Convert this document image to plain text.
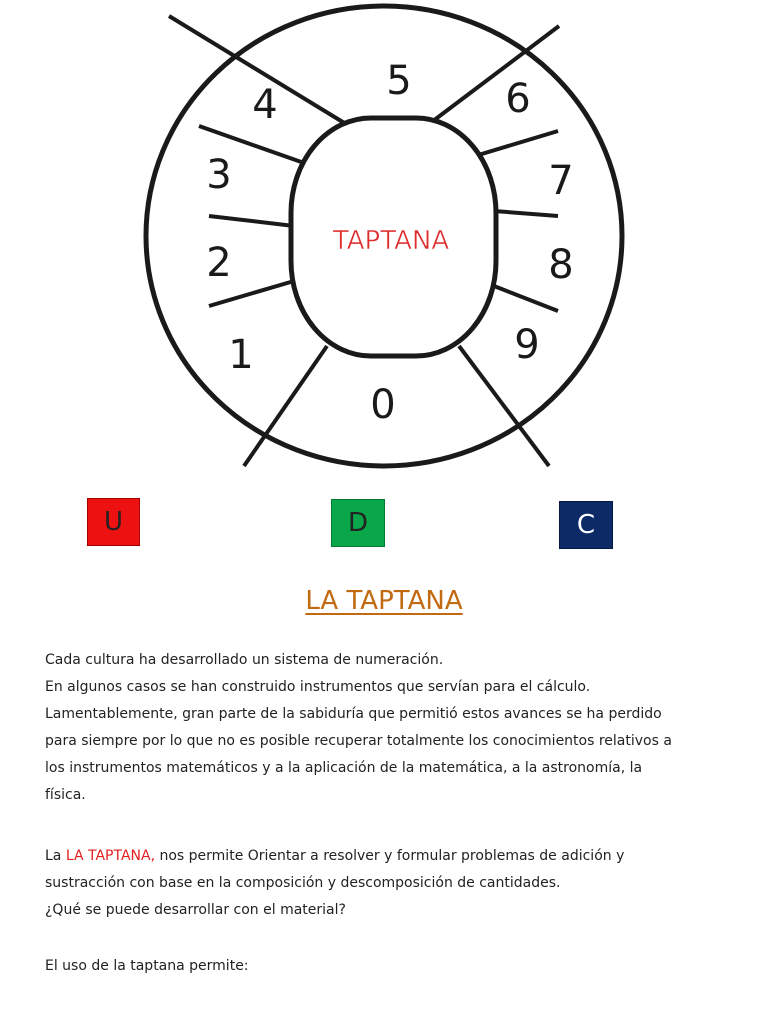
TAPTANA
4
5 6
3	7
2	8
1	9
0
U	D	C
LA TAPTANA

Cada cultura ha desarrollado un sistema de numeración.

En algunos casos se han construido instrumentos que servían para el cálculo.

Lamentablemente, gran parte de la sabiduría que permitió estos avances se ha perdido

para siempre por lo que no es posible recuperar totalmente los conocimientos relativos a

los instrumentos matemáticos y a la aplicación de la matemática, a la astronomía, la

física.

La LA TAPTANA, nos permite Orientar a resolver y formular problemas de adición y

sustracción con base en la composición y descomposición de cantidades.

¿Qué se puede desarrollar con el material?

El uso de la taptana permite:
